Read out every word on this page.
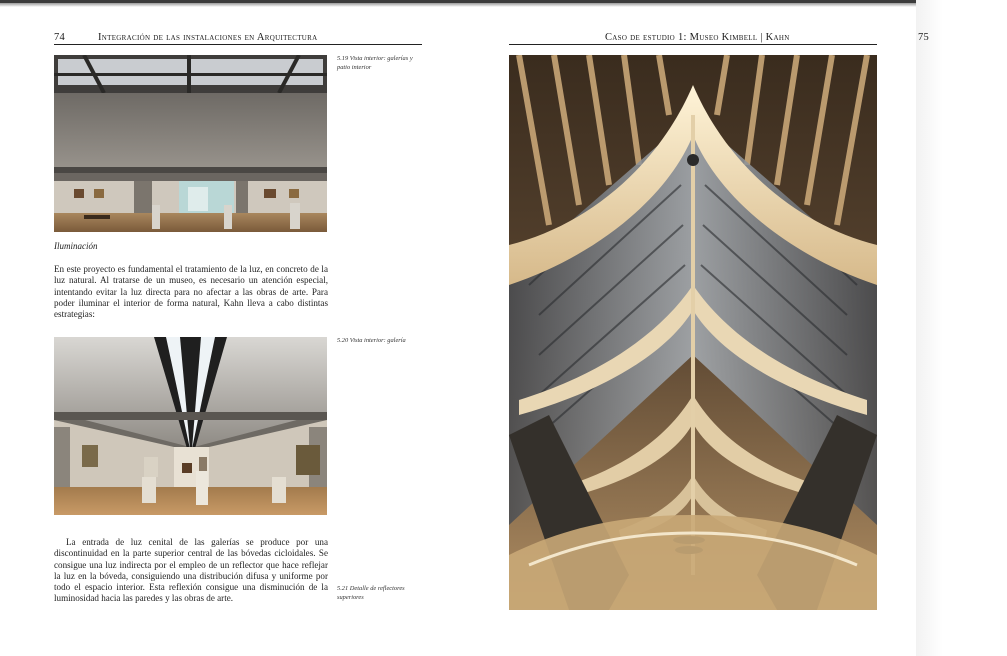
74	Integración de las instalaciones en Arquitectura
5.19 Vista interior: galerías y patio interior
Iluminación

En este proyecto es fundamental el tratamiento de la luz, en concreto de la luz natural. Al tratarse de un museo, es necesario un atención especial, intentando evitar la luz directa para no afectar a las obras de arte. Para poder iluminar el interior de forma natural, Kahn lleva a cabo distintas estrategias:

5.20 Vista interior: galería

La entrada de luz cenital de las galerías se produce por una discontinuidad en la parte superior central de las bóvedas cicloidales. Se consigue una luz indirecta por el empleo de un reflector que hace reflejar la luz en la bóveda, consiguiendo una distribución difusa y uniforme por todo el espacio interior. Esta reflexión consigue una disminución de la luminosidad hacia las paredes y las obras de arte.

5.21 Detalle de reflectores superiores
Caso de estudio 1: Museo Kimbell | Kahn	75
